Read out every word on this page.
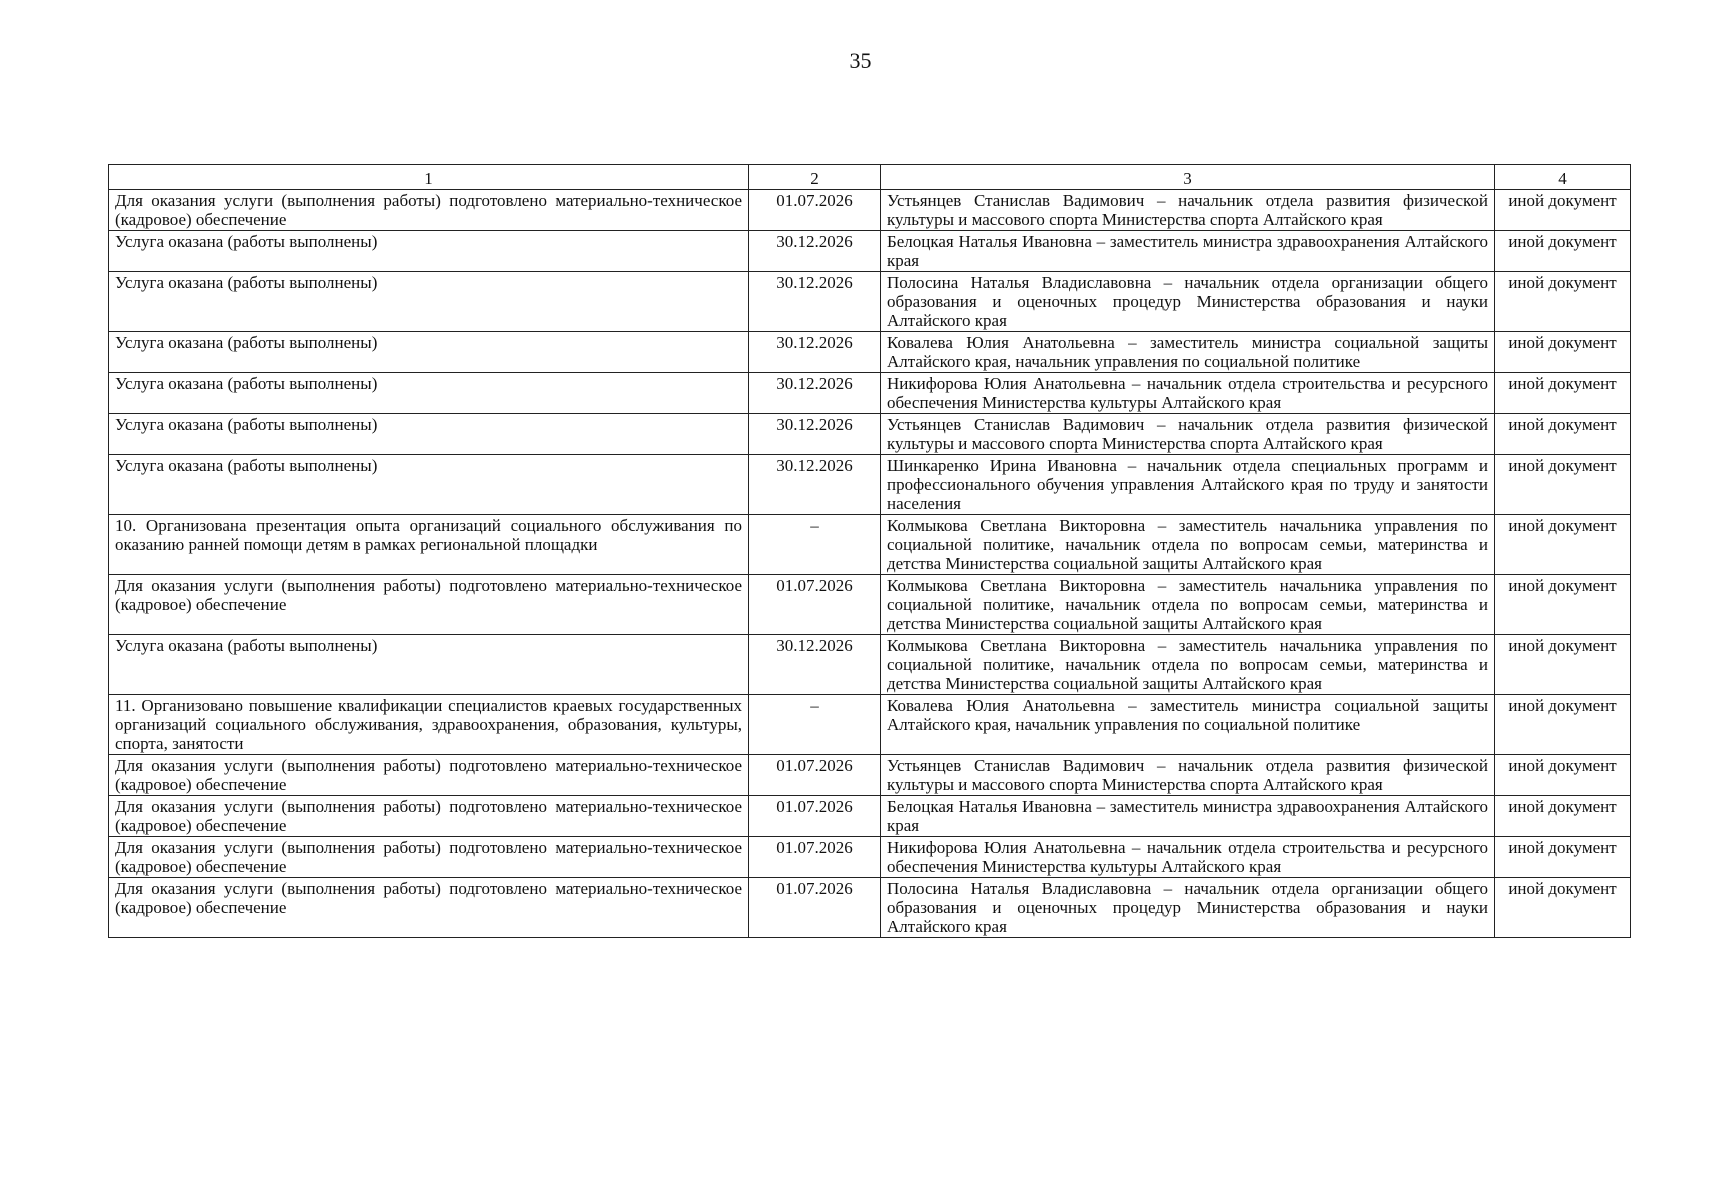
35
1	2	3	4
Для оказания услуги (выполнения работы) подготовлено материально-техническое (кадровое) обеспечение	01.07.2026	Устьянцев Станислав Вадимович – начальник отдела развития физической культуры и массового спорта Министерства спорта Алтайского края	иной документ
Услуга оказана (работы выполнены)	30.12.2026	Белоцкая Наталья Ивановна – заместитель министра здравоохранения Алтайского края	иной документ
Услуга оказана (работы выполнены)	30.12.2026	Полосина Наталья Владиславовна – начальник отдела организации общего образования и оценочных процедур Министерства образования и науки Алтайского края	иной документ
Услуга оказана (работы выполнены)	30.12.2026	Ковалева Юлия Анатольевна – заместитель министра социальной защиты Алтайского края, начальник управления по социальной политике	иной документ
Услуга оказана (работы выполнены)	30.12.2026	Никифорова Юлия Анатольевна – начальник отдела строительства и ресурсного обеспечения Министерства культуры Алтайского края	иной документ
Услуга оказана (работы выполнены)	30.12.2026	Устьянцев Станислав Вадимович – начальник отдела развития физической культуры и массового спорта Министерства спорта Алтайского края	иной документ
Услуга оказана (работы выполнены)	30.12.2026	Шинкаренко Ирина Ивановна – начальник отдела специальных программ и профессионального обучения управления Алтайского края по труду и занятости населения	иной документ
10. Организована презентация опыта организаций социального обслуживания по оказанию ранней помощи детям в рамках региональной площадки	–	Колмыкова Светлана Викторовна – заместитель начальника управления по социальной политике, начальник отдела по вопросам семьи, материнства и детства Министерства социальной защиты Алтайского края	иной документ
Для оказания услуги (выполнения работы) подготовлено материально-техническое (кадровое) обеспечение	01.07.2026	Колмыкова Светлана Викторовна – заместитель начальника управления по социальной политике, начальник отдела по вопросам семьи, материнства и детства Министерства социальной защиты Алтайского края	иной документ
Услуга оказана (работы выполнены)	30.12.2026	Колмыкова Светлана Викторовна – заместитель начальника управления по социальной политике, начальник отдела по вопросам семьи, материнства и детства Министерства социальной защиты Алтайского края	иной документ
11. Организовано повышение квалификации специалистов краевых государственных организаций социального обслуживания, здравоохранения, образования, культуры, спорта, занятости	–	Ковалева Юлия Анатольевна – заместитель министра социальной защиты Алтайского края, начальник управления по социальной политике	иной документ
Для оказания услуги (выполнения работы) подготовлено материально-техническое (кадровое) обеспечение	01.07.2026	Устьянцев Станислав Вадимович – начальник отдела развития физической культуры и массового спорта Министерства спорта Алтайского края	иной документ
Для оказания услуги (выполнения работы) подготовлено материально-техническое (кадровое) обеспечение	01.07.2026	Белоцкая Наталья Ивановна – заместитель министра здравоохранения Алтайского края	иной документ
Для оказания услуги (выполнения работы) подготовлено материально-техническое (кадровое) обеспечение	01.07.2026	Никифорова Юлия Анатольевна – начальник отдела строительства и ресурсного обеспечения Министерства культуры Алтайского края	иной документ
Для оказания услуги (выполнения работы) подготовлено материально-техническое (кадровое) обеспечение	01.07.2026	Полосина Наталья Владиславовна – начальник отдела организации общего образования и оценочных процедур Министерства образования и науки Алтайского края	иной документ
